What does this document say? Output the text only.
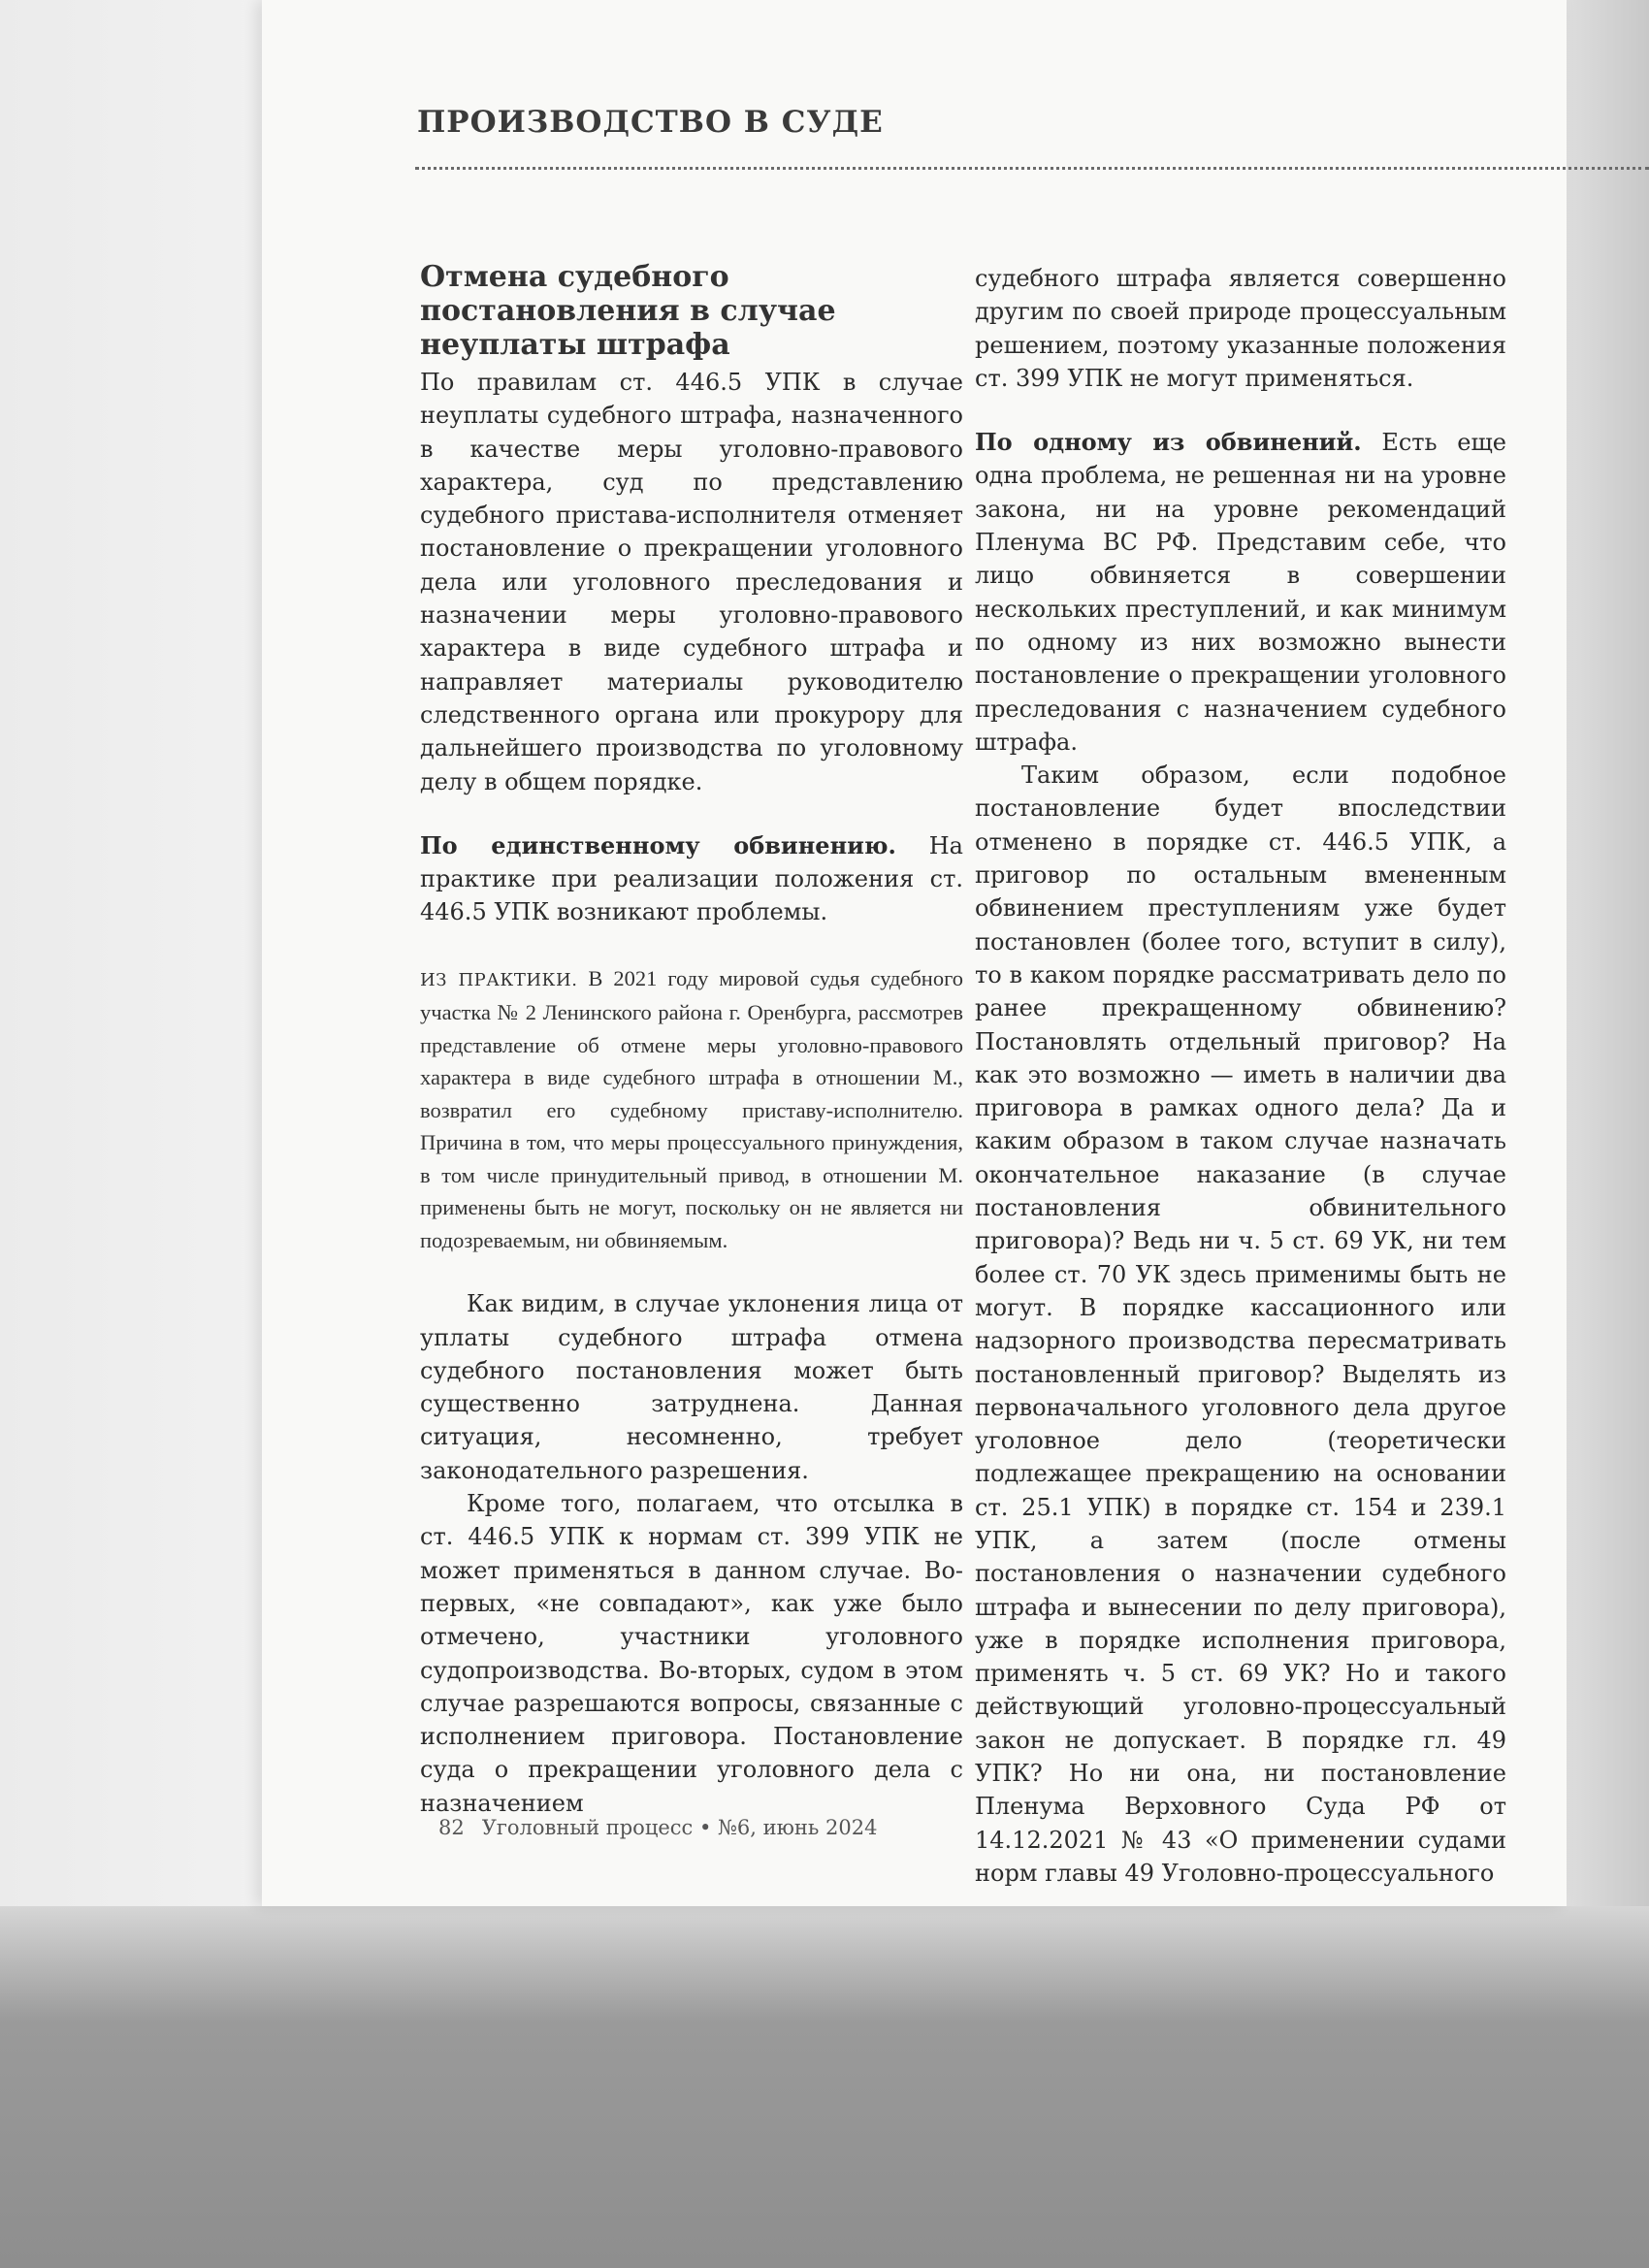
ПРОИЗВОДСТВО В СУДЕ
Отмена судебного постановления в случае неуплаты штрафа

По правилам ст. 446.5 УПК в случае неуплаты судебного штрафа, назначенного в качестве меры уголовно-правового характера, суд по представлению судебного пристава-исполнителя отменяет постановление о прекращении уголовного дела или уголовного преследования и назначении меры уголовно-правового характера в виде судебного штрафа и направляет материалы руководителю следственного органа или прокурору для дальнейшего производства по уголовному делу в общем порядке.

По единственному обвинению. На практике при реализации положения ст. 446.5 УПК возникают проблемы.

ИЗ ПРАКТИКИ. В 2021 году мировой судья судебного участка № 2 Ленинского района г. Оренбурга, рассмотрев представление об отмене меры уголовно-правового характера в виде судебного штрафа в отношении М., возвратил его судебному приставу-исполнителю. Причина в том, что меры процессуального принуждения, в том числе принудительный привод, в отношении М. применены быть не могут, поскольку он не является ни подозреваемым, ни обвиняемым.

Как видим, в случае уклонения лица от уплаты судебного штрафа отмена судебного постановления может быть существенно затруднена. Данная ситуация, несомненно, требует законодательного разрешения.

Кроме того, полагаем, что отсылка в ст. 446.5 УПК к нормам ст. 399 УПК не может применяться в данном случае. Во-первых, «не совпадают», как уже было отмечено, участники уголовного судопроизводства. Во-вторых, судом в этом случае разрешаются вопросы, связанные с исполнением приговора. Постановление суда о прекращении уголовного дела с назначением

судебного штрафа является совершенно другим по своей природе процессуальным решением, поэтому указанные положения ст. 399 УПК не могут применяться.

По одному из обвинений. Есть еще одна проблема, не решенная ни на уровне закона, ни на уровне рекомендаций Пленума ВС РФ. Представим себе, что лицо обвиняется в совершении нескольких преступлений, и как минимум по одному из них возможно вынести постановление о прекращении уголовного преследования с назначением судебного штрафа.

Таким образом, если подобное постановление будет впоследствии отменено в порядке ст. 446.5 УПК, а приговор по остальным вмененным обвинением преступлениям уже будет постановлен (более того, вступит в силу), то в каком порядке рассматривать дело по ранее прекращенному обвинению? Постановлять отдельный приговор? На как это возможно — иметь в наличии два приговора в рамках одного дела? Да и каким образом в таком случае назначать окончательное наказание (в случае постановления обвинительного приговора)? Ведь ни ч. 5 ст. 69 УК, ни тем более ст. 70 УК здесь применимы быть не могут. В порядке кассационного или надзорного производства пересматривать постановленный приговор? Выделять из первоначального уголовного дела другое уголовное дело (теоретически подлежащее прекращению на основании ст. 25.1 УПК) в порядке ст. 154 и 239.1 УПК, а затем (после отмены постановления о назначении судебного штрафа и вынесении по делу приговора), уже в порядке исполнения приговора, применять ч. 5 ст. 69 УК? Но и такого действующий уголовно-процессуальный закон не допускает. В порядке гл. 49 УПК? Но ни она, ни постановление Пленума Верховного Суда РФ от 14.12.2021 № 43 «О применении судами норм главы 49 Уголовно-процессуального

82 Уголовный процесс • №6, июнь 2024
